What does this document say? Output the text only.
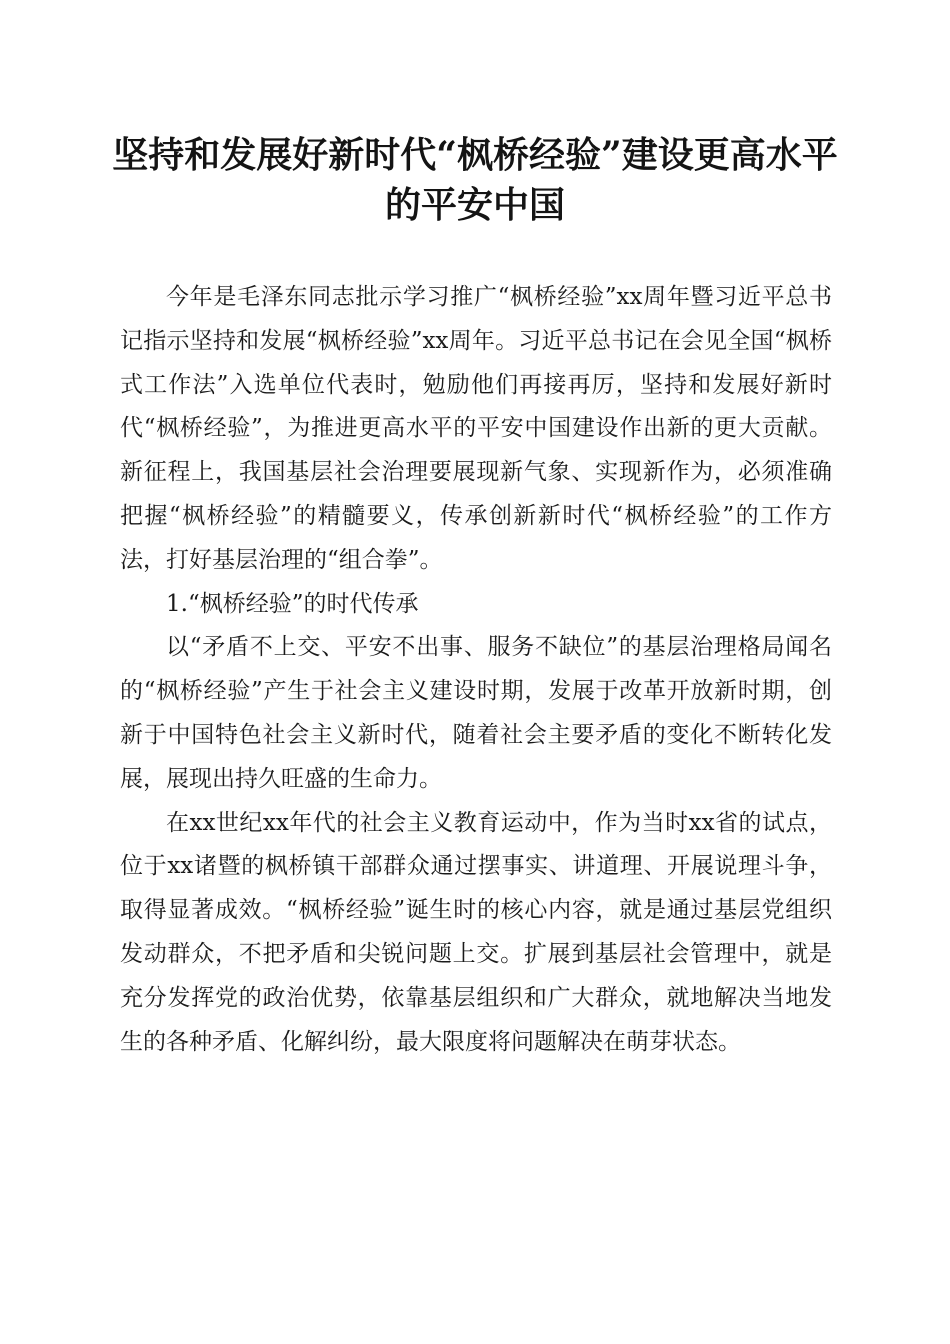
坚持和发展好新时代“枫桥经验”建设更高水平的平安中国

今年是毛泽东同志批示学习推广“枫桥经验”xx周年暨习近平总书记指示坚持和发展“枫桥经验”xx周年。习近平总书记在会见全国“枫桥式工作法”入选单位代表时，勉励他们再接再厉，坚持和发展好新时代“枫桥经验”，为推进更高水平的平安中国建设作出新的更大贡献。新征程上，我国基层社会治理要展现新气象、实现新作为，必须准确把握“枫桥经验”的精髓要义，传承创新新时代“枫桥经验”的工作方法，打好基层治理的“组合拳”。

1.“枫桥经验”的时代传承

以“矛盾不上交、平安不出事、服务不缺位”的基层治理格局闻名的“枫桥经验”产生于社会主义建设时期，发展于改革开放新时期，创新于中国特色社会主义新时代，随着社会主要矛盾的变化不断转化发展，展现出持久旺盛的生命力。

在xx世纪xx年代的社会主义教育运动中，作为当时xx省的试点，位于xx诸暨的枫桥镇干部群众通过摆事实、讲道理、开展说理斗争，取得显著成效。“枫桥经验”诞生时的核心内容，就是通过基层党组织发动群众，不把矛盾和尖锐问题上交。扩展到基层社会管理中，就是充分发挥党的政治优势，依靠基层组织和广大群众，就地解决当地发生的各种矛盾、化解纠纷，最大限度将问题解决在萌芽状态。
